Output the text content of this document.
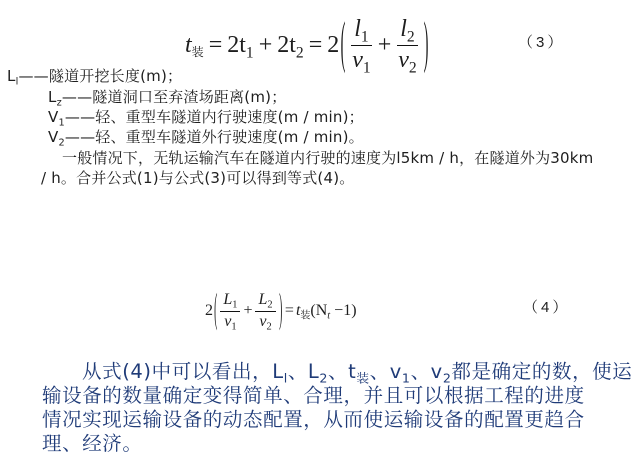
$t_装 = 2t_1 + 2t_2 = 2$ ( $\frac{l_1}{v_1} + \frac{l_2}{v_2}$ )	（3）
$L_l——$隧道开挖长度(m)；
$L_z——$隧道洞口至弃渣场距离(m)；
$V_1——$轻、重型车隧道内行驶速度(m / min)；
$V_2——$轻、重型车隧道外行驶速度(m / min)。
一般情况下，无轨运输汽车在隧道内行驶的速度为l5km / h，在隧道外为30km
/ h。合并公式(1)与公式(3)可以得到等式(4)。
2 ( $\frac{L_1}{v_1} + \frac{L_2}{v_2}$ ) = $t_装(N_t -1)$	（4）
从式(4)中可以看出，$L_l$、$L_2$、$t_装$、$v_1$、$v_2$都是确定的数，使运
输设备的数量确定变得简单、合理，并且可以根据工程的进度
情况实现运输设备的动态配置，从而使运输设备的配置更趋合
理、经济。
